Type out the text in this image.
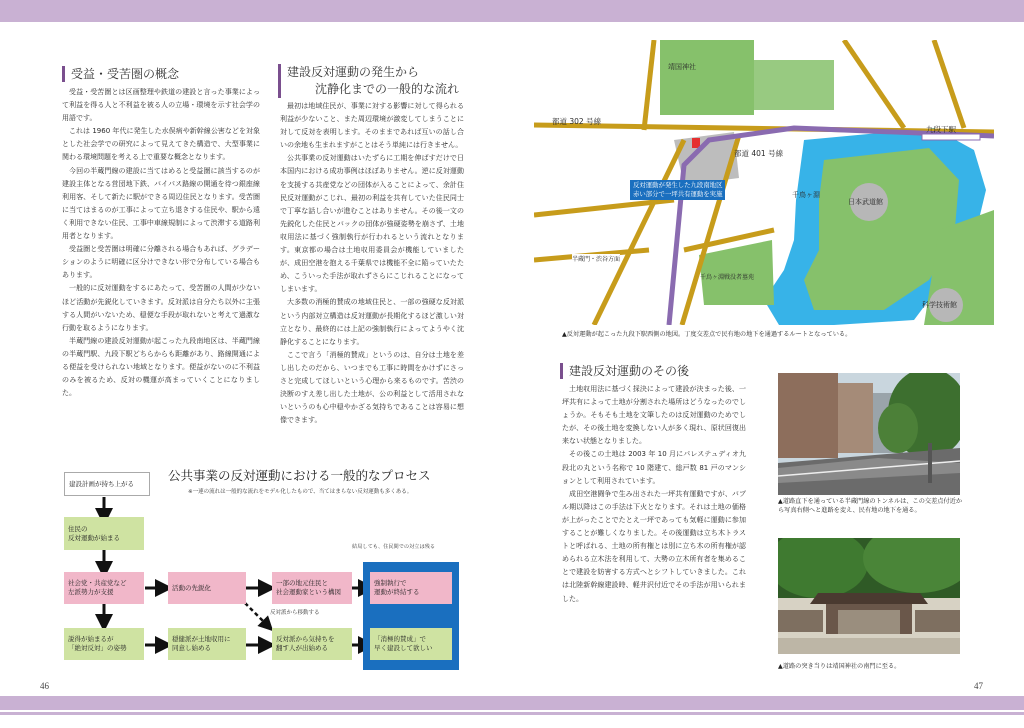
受益・受苦圏の概念

受益・受苦圏とは区画整理や鉄道の建設と言った事業によって利益を得る人と不利益を被る人の立場・環境を示す社会学の用語です。

これは 1960 年代に発生した水俣病や新幹線公害などを対象とした社会学での研究によって見えてきた構造で、大型事業に関わる環境問題を考える上で重要な概念となります。

今回の半蔵門線の建設に当てはめると受益圏に該当するのが建設主体となる営団地下鉄、バイパス路線の開通を待つ銀座線利用客、そして新たに駅ができる周辺住民となります。受苦圏に当てはまるのが工事によって立ち退きする住民や、駅から遠く利用できない住民、工事中車線規制によって渋滞する道路利用者となります。

受益圏と受苦圏は明確に分離される場合もあれば、グラデーションのように明確に区分けできない形で分布している場合もあります。

一般的に反対運動をするにあたって、受苦圏の人間が少ないほど活動が先鋭化していきます。反対派は自分たち以外に主張する人間がいないため、穏便な手段が取れないと考えて過激な行動を取るようになります。

半蔵門線の建設反対運動が起こった九段南地区は、半蔵門線の半蔵門駅、九段下駅どちらからも距離があり、路線開通による便益を受けられない地域となります。便益がないのに不利益のみを被るため、反対の機運が高まっていくことになりました。

建設反対運動の発生から
沈静化までの一般的な流れ

最初は地域住民が、事業に対する影響に対して得られる利益が少ないこと、また周辺環境が激変してしまうことに対して反対を表明します。そのままであれば互いの話し合いの余地も生まれますがことはそう単純には行きません。

公共事業の反対運動はいたずらに工期を伸ばすだけで日本国内における成功事例はほぼありません。逆に反対運動を支援する共産党などの団体が入ることによって、余計住民反対運動がこじれ、最初の利益を共有していた住民同士で丁寧な話し合いが進むことはありません。その後一文の先鋭化した住民とバックの団体が強硬姿勢を崩さず、土地収用法に基づく強制執行が行われるという流れとなります。東京都の場合は土地収用委員会が機能していましたが、成田空港を抱える千葉県では機能不全に陥っていたため、こういった手法が取れずさらにこじれることになってしまいます。

大多数の消極的賛成の地域住民と、一部の強硬な反対派という内部対立構造は反対運動が長期化するほど激しい対立となり、最終的には上記の強制執行によってようやく沈静化することになります。

ここで言う「消極的賛成」というのは、自分は土地を差し出したのだから、いつまでも工事に時間をかけずにさっさと完成してほしいという心理から来るものです。苦渋の決断のすえ差し出した土地が、公の利益として活用されないというのも心中穏やかざる気持ちであることは容易に想像できます。

公共事業の反対運動における一般的なプロセス
※一連の流れは一般的な流れをモデル化したもので、当てはまらない反対運動も多くある。
建設計画が持ち上がる
住民の
反対運動が始まる
社会党・共産党など
左派勢力が支援
活動の先鋭化
一部の地元住民と
社会運動家という構図
強制執行で
運動が終結する
「消極的賛成」で
早く建設して欲しい
説得が始まるが
「絶対反対」の姿勢
穏健派が土地収用に
同意し始める
反対派から気持ちを
翻す人が出始める
反対派から移動する
結局しても、住民間での対立は残る
46
靖国神社
都道 302 号線
都道 401 号線
九段下駅
千鳥ヶ淵
日本武道館
半蔵門・渋谷方面
千鳥ヶ淵戦没者墓苑
科学技術館
反対運動が発生した九段南地区
赤い部分で一坪共有運動を実施
▲反対運動が起こった九段下駅西側の地図。丁度交差点で民有地の地下を通過するルートとなっている。
建設反対運動のその後

土地収用法に基づく採決によって建設が決まった後、一坪共有によって土地が分割された場所はどうなったのでしょうか。そもそも土地を文筆したのは反対運動のためでしたが、その後土地を変換しない人が多く現れ、原状回復出来ない状態となりました。

その後この土地は 2003 年 10 月にパレステュディオ九段北の丸という名称で 10 階建て、総戸数 81 戸のマンションとして利用されています。

成田空港闘争で生み出された一坪共有運動ですが、バブル期以降はこの手法は下火となります。それは土地の価格が上がったことでたとえ一坪であっても気軽に運動に参加することが難しくなりました。その後運動は立ち木トラストと呼ばれる、土地の所有権とは別に立ち木の所有権が認められる立木法を利用して、大勢の立木所有者を集めることで建設を妨害する方式へとシフトしていきました。これは北陸新幹線建設時、軽井沢付近でその手法が用いられました。

▲道路直下を通っている半蔵門線のトンネルは、この交差点付近から写真右側へと進路を変え、民有地の地下を通る。
▲道路の突き当りは靖国神社の南門に至る。
47
